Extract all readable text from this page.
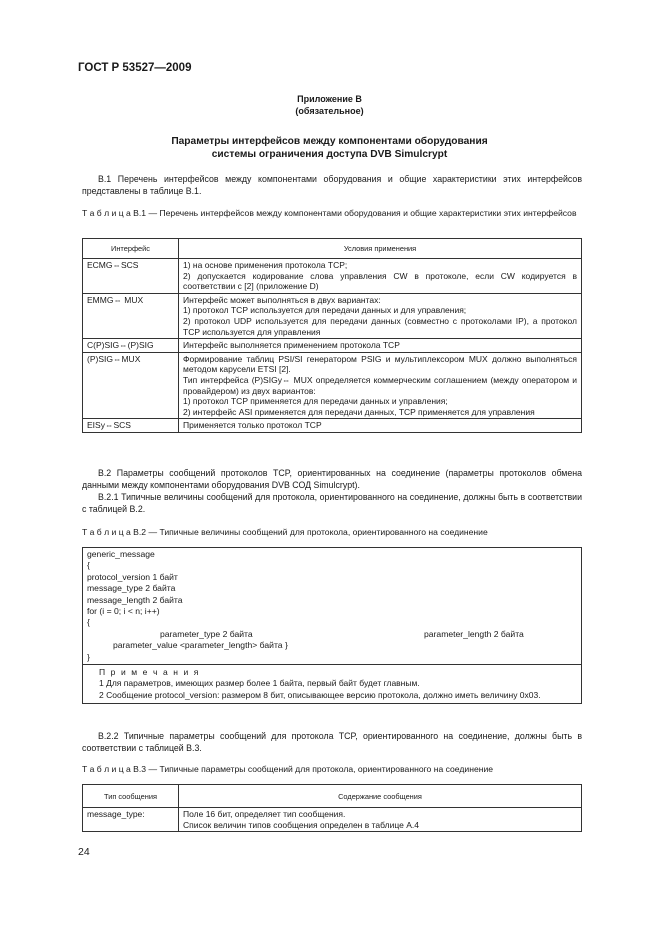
ГОСТ Р 53527—2009
Приложение В
(обязательное)
Параметры интерфейсов между компонентами оборудования
системы ограничения доступа DVB Simulcrypt
В.1 Перечень интерфейсов между компонентами оборудования и общие характеристики этих интерфейсов представлены в таблице В.1.
Т а б л и ц а В.1 — Перечень интерфейсов между компонентами оборудования и общие характеристики этих интерфейсов
Интерфейс	Условия применения
ECMG⇔SCS	1) на основе применения протокола TCP;
2) допускается кодирование слова управления CW в протоколе, если CW кодируется в соответствии с [2] (приложение D)
EMMG⇔ MUX	Интерфейс может выполняться в двух вариантах:
1) протокол TCP используется для передачи данных и для управления;
2) протокол UDP используется для передачи данных (совместно с протоколами IP), а протокол TCP используется для управления
C(P)SIG⇔(P)SIG	Интерфейс выполняется применением протокола TCP
(P)SIG⇔MUX	Формирование таблиц PSI/SI генератором PSIG и мультиплексором MUX должно выполняться методом карусели ETSI [2].
Тип интерфейса (P)SIGy⇔ MUX определяется коммерческим соглашением (между оператором и провайдером) из двух вариантов:
1) протокол TCP применяется для передачи данных и управления;
2) интерфейс ASI применяется для передачи данных, TCP применяется для управления
EISy⇔SCS	Применяется только протокол TCP
В.2 Параметры сообщений протоколов TCP, ориентированных на соединение (параметры протоколов обмена данными между компонентами оборудования DVB СОД Simulcrypt).
В.2.1 Типичные величины сообщений для протокола, ориентированного на соединение, должны быть в соответствии с таблицей В.2.
Т а б л и ц а В.2 — Типичные величины сообщений для протокола, ориентированного на соединение
generic_message
{
protocol_version 1 байт
message_type 2 байта
message_length 2 байта
for (i = 0; i < n; i++)
{
parameter_type 2 байта	parameter_length 2 байта
parameter_value <parameter_length> байта }
}
П р и м е ч а н и я
1 Для параметров, имеющих размер более 1 байта, первый байт будет главным.
2 Сообщение protocol_version: размером 8 бит, описывающее версию протокола, должно иметь величину 0x03.
В.2.2 Типичные параметры сообщений для протокола TCP, ориентированного на соединение, должны быть в соответствии с таблицей В.3.
Т а б л и ц а В.3 — Типичные параметры сообщений для протокола, ориентированного на соединение
Тип сообщения	Содержание сообщения
message_type:	Поле 16 бит, определяет тип сообщения.
Список величин типов сообщения определен в таблице А.4
24
